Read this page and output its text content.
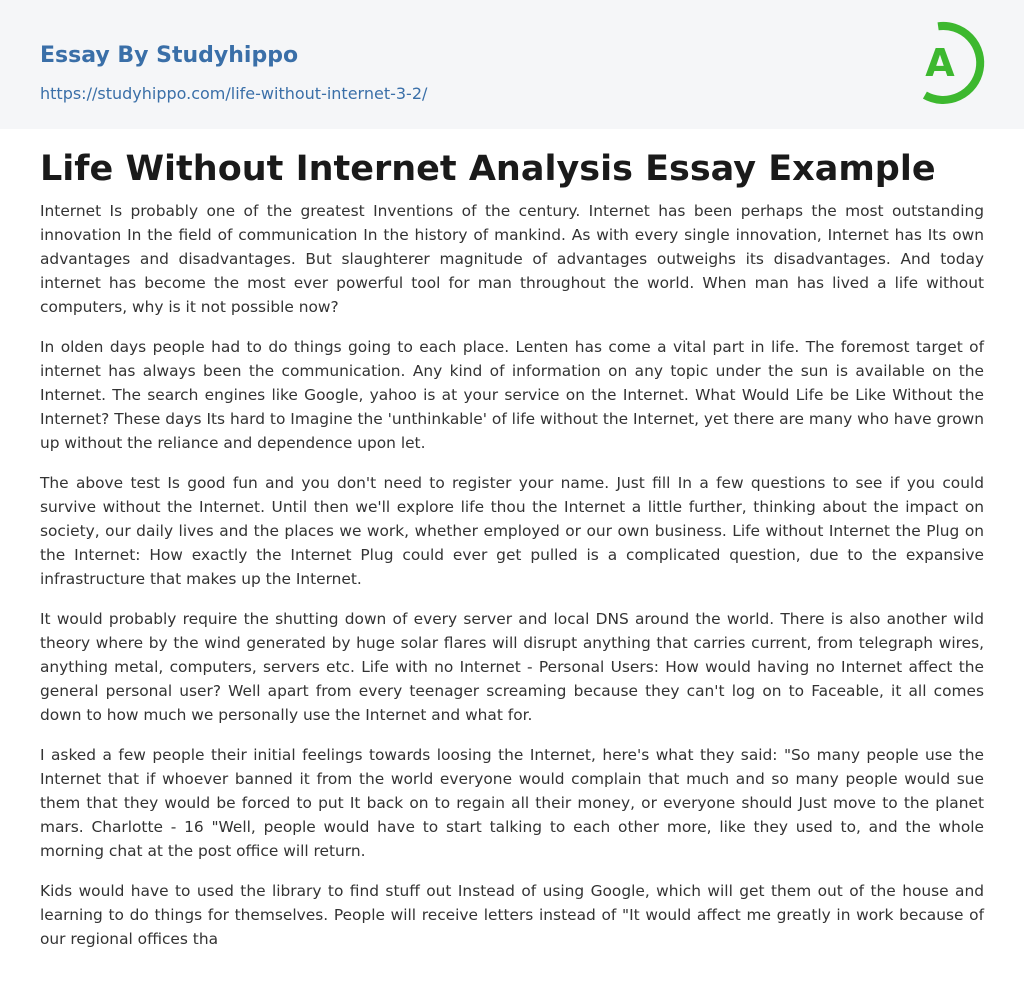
Essay By Studyhippo
https://studyhippo.com/life-without-internet-3-2/
A
Life Without Internet Analysis Essay Example

Internet Is probably one of the greatest Inventions of the century. Internet has been perhaps the most outstanding innovation In the field of communication In the history of mankind. As with every single innovation, Internet has Its own advantages and disadvantages. But slaughterer magnitude of advantages outweighs its disadvantages. And today internet has become the most ever powerful tool for man throughout the world. When man has lived a life without computers, why is it not possible now?

In olden days people had to do things going to each place. Lenten has come a vital part in life. The foremost target of internet has always been the communication. Any kind of information on any topic under the sun is available on the Internet. The search engines like Google, yahoo is at your service on the Internet. What Would Life be Like Without the Internet? These days Its hard to Imagine the 'unthinkable' of life without the Internet, yet there are many who have grown up without the reliance and dependence upon let.

The above test Is good fun and you don't need to register your name. Just fill In a few questions to see if you could survive without the Internet. Until then we'll explore life thou the Internet a little further, thinking about the impact on society, our daily lives and the places we work, whether employed or our own business. Life without Internet the Plug on the Internet: How exactly the Internet Plug could ever get pulled is a complicated question, due to the expansive infrastructure that makes up the Internet.

It would probably require the shutting down of every server and local DNS around the world. There is also another wild theory where by the wind generated by huge solar flares will disrupt anything that carries current, from telegraph wires, anything metal, computers, servers etc. Life with no Internet - Personal Users: How would having no Internet affect the general personal user? Well apart from every teenager screaming because they can't log on to Faceable, it all comes down to how much we personally use the Internet and what for.

I asked a few people their initial feelings towards loosing the Internet, here's what they said: "So many people use the Internet that if whoever banned it from the world everyone would complain that much and so many people would sue them that they would be forced to put It back on to regain all their money, or everyone should Just move to the planet mars. Charlotte - 16 "Well, people would have to start talking to each other more, like they used to, and the whole morning chat at the post office will return.

Kids would have to used the library to find stuff out Instead of using Google, which will get them out of the house and learning to do things for themselves. People will receive letters instead of "It would affect me greatly in work because of our regional offices tha
